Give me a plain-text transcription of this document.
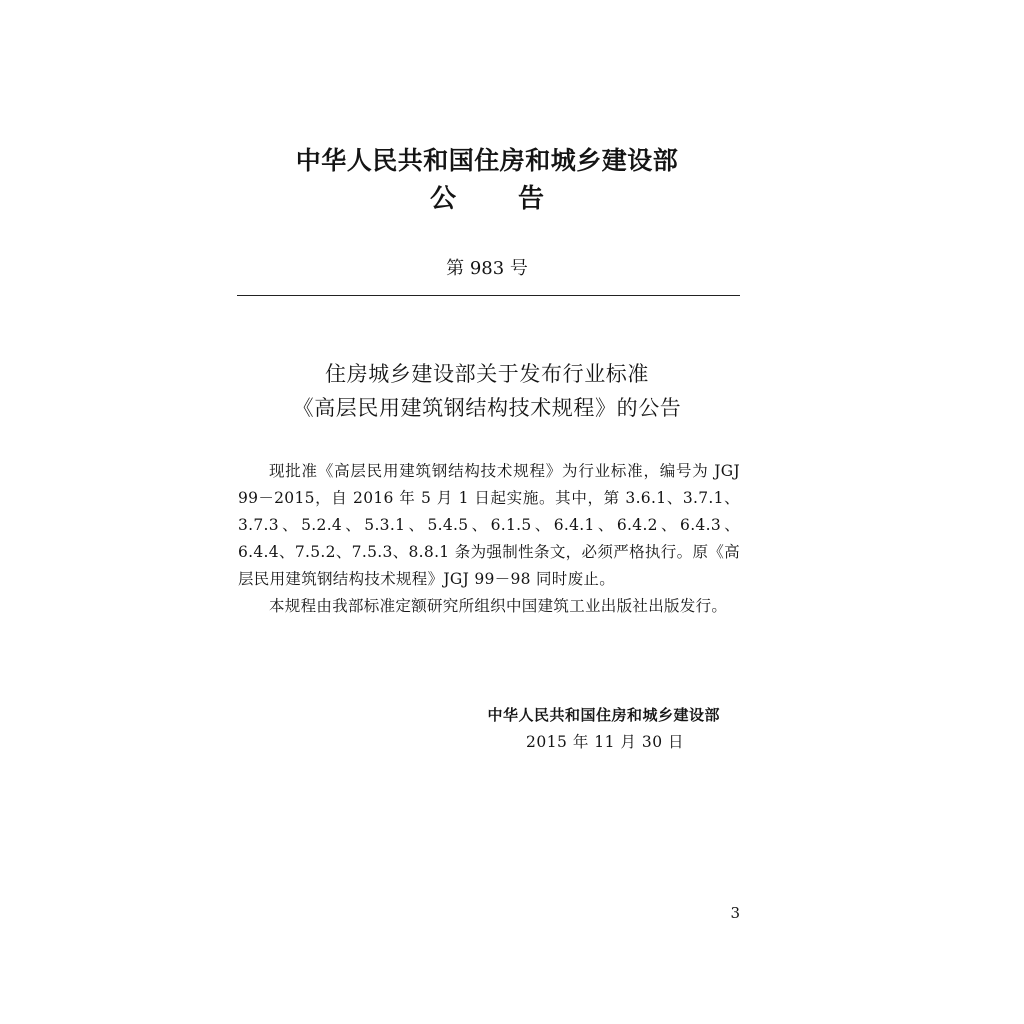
中华人民共和国住房和城乡建设部
公告
第 983 号
住房城乡建设部关于发布行业标准
《高层民用建筑钢结构技术规程》的公告

现批准《高层民用建筑钢结构技术规程》为行业标准，编号为 JGJ 99－2015，自 2016 年 5 月 1 日起实施。其中，第 3.6.1、3.7.1、3.7.3、5.2.4、5.3.1、5.4.5、6.1.5、6.4.1、6.4.2、6.4.3、6.4.4、7.5.2、7.5.3、8.8.1 条为强制性条文，必须严格执行。原《高层民用建筑钢结构技术规程》JGJ 99－98 同时废止。

本规程由我部标准定额研究所组织中国建筑工业出版社出版发行。

中华人民共和国住房和城乡建设部
2015 年 11 月 30 日
3
